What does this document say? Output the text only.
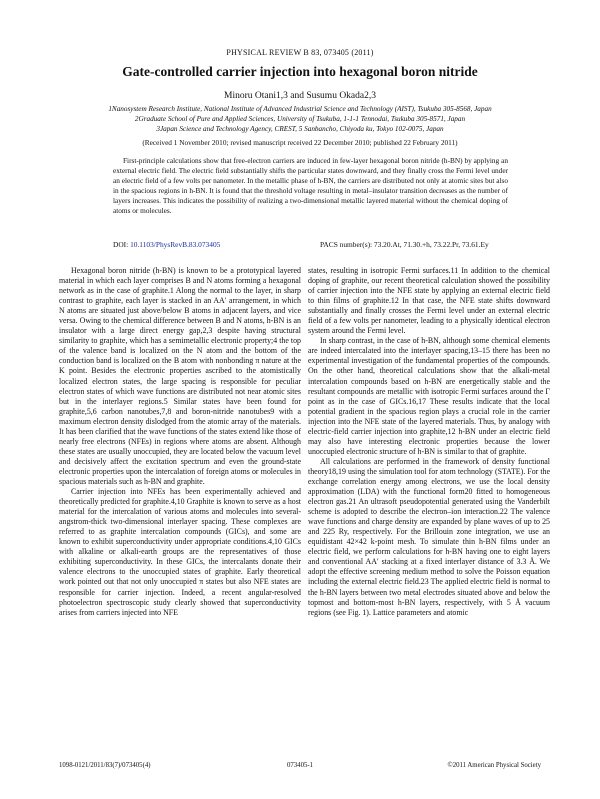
PHYSICAL REVIEW B 83, 073405 (2011)
Gate-controlled carrier injection into hexagonal boron nitride
Minoru Otani1,3 and Susumu Okada2,3
1Nanosystem Research Institute, National Institute of Advanced Industrial Science and Technology (AIST), Tsukuba 305-8568, Japan
2Graduate School of Pure and Applied Sciences, University of Tsukuba, 1-1-1 Tennodai, Tsukuba 305-8571, Japan
3Japan Science and Technology Agency, CREST, 5 Sanbancho, Chiyoda ku, Tokyo 102-0075, Japan
(Received 1 November 2010; revised manuscript received 22 December 2010; published 22 February 2011)
First-principle calculations show that free-electron carriers are induced in few-layer hexagonal boron nitride (h-BN) by applying an external electric field. The electric field substantially shifts the particular states downward, and they finally cross the Fermi level under an electric field of a few volts per nanometer. In the metallic phase of h-BN, the carriers are distributed not only at atomic sites but also in the spacious regions in h-BN. It is found that the threshold voltage resulting in metal–insulator transition decreases as the number of layers increases. This indicates the possibility of realizing a two-dimensional metallic layered material without the chemical doping of atoms or molecules.
DOI: 10.1103/PhysRevB.83.073405	PACS number(s): 73.20.At, 71.30.+h, 73.22.Pr, 73.61.Ey

Hexagonal boron nitride (h-BN) is known to be a prototypical layered material in which each layer comprises B and N atoms forming a hexagonal network as in the case of graphite.1 Along the normal to the layer, in sharp contrast to graphite, each layer is stacked in an AA′ arrangement, in which N atoms are situated just above/below B atoms in adjacent layers, and vice versa. Owing to the chemical difference between B and N atoms, h-BN is an insulator with a large direct energy gap,2,3 despite having structural similarity to graphite, which has a semimetallic electronic property;4 the top of the valence band is localized on the N atom and the bottom of the conduction band is localized on the B atom with nonbonding π nature at the K point. Besides the electronic properties ascribed to the atomistically localized electron states, the large spacing is responsible for peculiar electron states of which wave functions are distributed not near atomic sites but in the interlayer regions.5 Similar states have been found for graphite,5,6 carbon nanotubes,7,8 and boron-nitride nanotubes9 with a maximum electron density dislodged from the atomic array of the materials. It has been clarified that the wave functions of the states extend like those of nearly free electrons (NFEs) in regions where atoms are absent. Although these states are usually unoccupied, they are located below the vacuum level and decisively affect the excitation spectrum and even the ground-state electronic properties upon the intercalation of foreign atoms or molecules in spacious materials such as h-BN and graphite.

Carrier injection into NFEs has been experimentally achieved and theoretically predicted for graphite.4,10 Graphite is known to serve as a host material for the intercalation of various atoms and molecules into several-angstrom-thick two-dimensional interlayer spacing. These complexes are referred to as graphite intercalation compounds (GICs), and some are known to exhibit superconductivity under appropriate conditions.4,10 GICs with alkaline or alkali-earth groups are the representatives of those exhibiting superconductivity. In these GICs, the intercalants donate their valence electrons to the unoccupied states of graphite. Early theoretical work pointed out that not only unoccupied π states but also NFE states are responsible for carrier injection. Indeed, a recent angular-resolved photoelectron spectroscopic study clearly showed that superconductivity arises from carriers injected into NFE

states, resulting in isotropic Fermi surfaces.11 In addition to the chemical doping of graphite, our recent theoretical calculation showed the possibility of carrier injection into the NFE state by applying an external electric field to thin films of graphite.12 In that case, the NFE state shifts downward substantially and finally crosses the Fermi level under an external electric field of a few volts per nanometer, leading to a physically identical electron system around the Fermi level.

In sharp contrast, in the case of h-BN, although some chemical elements are indeed intercalated into the interlayer spacing,13–15 there has been no experimental investigation of the fundamental properties of the compounds. On the other hand, theoretical calculations show that the alkali-metal intercalation compounds based on h-BN are energetically stable and the resultant compounds are metallic with isotropic Fermi surfaces around the Γ point as in the case of GICs.16,17 These results indicate that the local potential gradient in the spacious region plays a crucial role in the carrier injection into the NFE state of the layered materials. Thus, by analogy with electric-field carrier injection into graphite,12 h-BN under an electric field may also have interesting electronic properties because the lower unoccupied electronic structure of h-BN is similar to that of graphite.

All calculations are performed in the framework of density functional theory18,19 using the simulation tool for atom technology (STATE). For the exchange correlation energy among electrons, we use the local density approximation (LDA) with the functional form20 fitted to homogeneous electron gas.21 An ultrasoft pseudopotential generated using the Vanderbilt scheme is adopted to describe the electron–ion interaction.22 The valence wave functions and charge density are expanded by plane waves of up to 25 and 225 Ry, respectively. For the Brillouin zone integration, we use an equidistant 42×42 k-point mesh. To simulate thin h-BN films under an electric field, we perform calculations for h-BN having one to eight layers and conventional AA′ stacking at a fixed interlayer distance of 3.3 Å. We adopt the effective screening medium method to solve the Poisson equation including the external electric field.23 The applied electric field is normal to the h-BN layers between two metal electrodes situated above and below the topmost and bottom-most h-BN layers, respectively, with 5 Å vacuum regions (see Fig. 1). Lattice parameters and atomic

1098-0121/2011/83(7)/073405(4)	073405-1	©2011 American Physical Society
